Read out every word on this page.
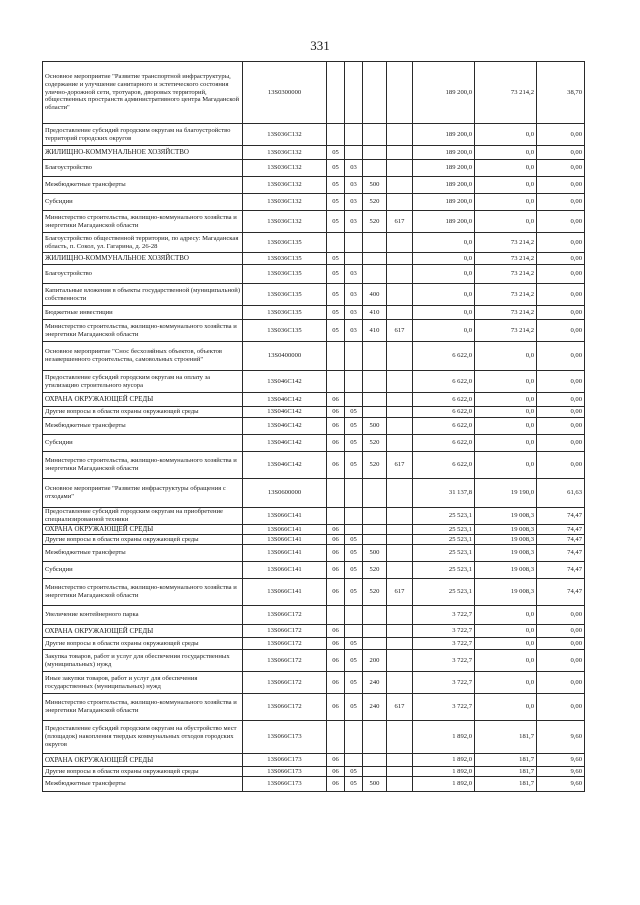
331
Основное мероприятие "Развитие транспортной инфраструктуры, содержание и улучшение санитарного и эстетического состояния улично-дорожной сети, тротуаров, дворовых территорий, общественных пространств административного центра Магаданской области"	13S0300000					189 200,0	73 214,2	38,70
Предоставление субсидий городским округам на благоустройство территорий городских округов	13S036C132					189 200,0	0,0	0,00
ЖИЛИЩНО-КОММУНАЛЬНОЕ ХОЗЯЙСТВО	13S036C132	05				189 200,0	0,0	0,00
Благоустройство	13S036C132	05	03			189 200,0	0,0	0,00
Межбюджетные трансферты	13S036C132	05	03	500		189 200,0	0,0	0,00
Субсидии	13S036C132	05	03	520		189 200,0	0,0	0,00
Министерство строительства, жилищно-коммунального хозяйства и энергетики Магаданской области	13S036C132	05	03	520	617	189 200,0	0,0	0,00
Благоустройство общественной территории, по адресу: Магаданская область, п. Сокол, ул. Гагарина, д. 26-28	13S036C135					0,0	73 214,2	0,00
ЖИЛИЩНО-КОММУНАЛЬНОЕ ХОЗЯЙСТВО	13S036C135	05				0,0	73 214,2	0,00
Благоустройство	13S036C135	05	03			0,0	73 214,2	0,00
Капитальные вложения в объекты государственной (муниципальной) собственности	13S036C135	05	03	400		0,0	73 214,2	0,00
Бюджетные инвестиции	13S036C135	05	03	410		0,0	73 214,2	0,00
Министерство строительства, жилищно-коммунального хозяйства и энергетики Магаданской области	13S036C135	05	03	410	617	0,0	73 214,2	0,00
Основное мероприятие "Снос бесхозяйных объектов, объектов незавершенного строительства, самовольных строений"	13S0400000					6 622,0	0,0	0,00
Предоставление субсидий городским округам на оплату за утилизацию строительного мусора	13S046C142					6 622,0	0,0	0,00
ОХРАНА ОКРУЖАЮЩЕЙ СРЕДЫ	13S046C142	06				6 622,0	0,0	0,00
Другие вопросы в области охраны окружающей среды	13S046C142	06	05			6 622,0	0,0	0,00
Межбюджетные трансферты	13S046C142	06	05	500		6 622,0	0,0	0,00
Субсидии	13S046C142	06	05	520		6 622,0	0,0	0,00
Министерство строительства, жилищно-коммунального хозяйства и энергетики Магаданской области	13S046C142	06	05	520	617	6 622,0	0,0	0,00
Основное мероприятие "Развитие инфраструктуры обращения с отходами"	13S0600000					31 137,8	19 190,0	61,63
Предоставление субсидий городским округам на приобретение специализированной техники	13S066C141					25 523,1	19 008,3	74,47
ОХРАНА ОКРУЖАЮЩЕЙ СРЕДЫ	13S066C141	06				25 523,1	19 008,3	74,47
Другие вопросы в области охраны окружающей среды	13S066C141	06	05			25 523,1	19 008,3	74,47
Межбюджетные трансферты	13S066C141	06	05	500		25 523,1	19 008,3	74,47
Субсидии	13S066C141	06	05	520		25 523,1	19 008,3	74,47
Министерство строительства, жилищно-коммунального хозяйства и энергетики Магаданской области	13S066C141	06	05	520	617	25 523,1	19 008,3	74,47
Увеличение контейнерного парка	13S066C172					3 722,7	0,0	0,00
ОХРАНА ОКРУЖАЮЩЕЙ СРЕДЫ	13S066C172	06				3 722,7	0,0	0,00
Другие вопросы в области охраны окружающей среды	13S066C172	06	05			3 722,7	0,0	0,00
Закупка товаров, работ и услуг для обеспечения государственных (муниципальных) нужд	13S066C172	06	05	200		3 722,7	0,0	0,00
Иные закупки товаров, работ и услуг для обеспечения государственных (муниципальных) нужд	13S066C172	06	05	240		3 722,7	0,0	0,00
Министерство строительства, жилищно-коммунального хозяйства и энергетики Магаданской области	13S066C172	06	05	240	617	3 722,7	0,0	0,00
Предоставление субсидий городским округам на обустройство мест (площадок) накопления твердых коммунальных отходов городских округов	13S066C173					1 892,0	181,7	9,60
ОХРАНА ОКРУЖАЮЩЕЙ СРЕДЫ	13S066C173	06				1 892,0	181,7	9,60
Другие вопросы в области охраны окружающей среды	13S066C173	06	05			1 892,0	181,7	9,60
Межбюджетные трансферты	13S066C173	06	05	500		1 892,0	181,7	9,60
